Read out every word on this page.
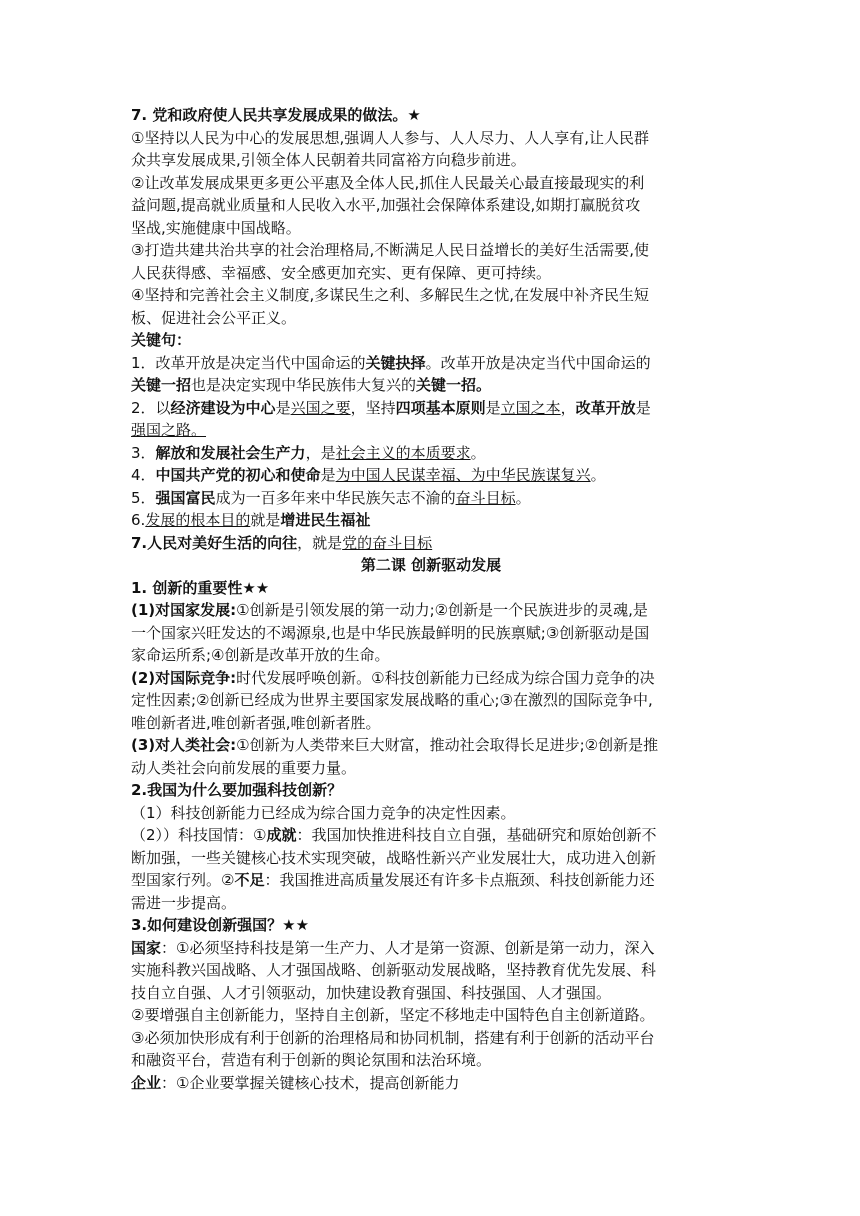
7. 党和政府使人民共享发展成果的做法。★
①坚持以人民为中心的发展思想,强调人人参与、人人尽力、人人享有,让人民群
众共享发展成果,引领全体人民朝着共同富裕方向稳步前进。
②让改革发展成果更多更公平惠及全体人民,抓住人民最关心最直接最现实的利
益问题,提高就业质量和人民收入水平,加强社会保障体系建设,如期打赢脱贫攻
坚战,实施健康中国战略。
③打造共建共治共享的社会治理格局,不断满足人民日益增长的美好生活需要,使
人民获得感、幸福感、安全感更加充实、更有保障、更可持续。
④坚持和完善社会主义制度,多谋民生之利、多解民生之忧,在发展中补齐民生短
板、促进社会公平正义。
关键句：
1．改革开放是决定当代中国命运的关键抉择。改革开放是决定当代中国命运的
关键一招也是决定实现中华民族伟大复兴的关键一招。
2．以经济建设为中心是兴国之要，坚持四项基本原则是立国之本，改革开放是
强国之路。
3．解放和发展社会生产力，是社会主义的本质要求。
4．中国共产党的初心和使命是为中国人民谋幸福、为中华民族谋复兴。
5．强国富民成为一百多年来中华民族矢志不渝的奋斗目标。
6.发展的根本目的就是增进民生福祉
7.人民对美好生活的向往，就是党的奋斗目标
第二课 创新驱动发展
1. 创新的重要性★★
(1)对国家发展:①创新是引领发展的第一动力;②创新是一个民族进步的灵魂,是
一个国家兴旺发达的不竭源泉,也是中华民族最鲜明的民族禀赋;③创新驱动是国
家命运所系;④创新是改革开放的生命。
(2)对国际竞争:时代发展呼唤创新。①科技创新能力已经成为综合国力竞争的决
定性因素;②创新已经成为世界主要国家发展战略的重心;③在激烈的国际竞争中,
唯创新者进,唯创新者强,唯创新者胜。
(3)对人类社会:①创新为人类带来巨大财富，推动社会取得长足进步;②创新是推
动人类社会向前发展的重要力量。
2.我国为什么要加强科技创新？
（1）科技创新能力已经成为综合国力竞争的决定性因素。
（2））科技国情：①成就：我国加快推进科技自立自强，基础研究和原始创新不
断加强，一些关键核心技术实现突破，战略性新兴产业发展壮大，成功进入创新
型国家行列。②不足：我国推进高质量发展还有许多卡点瓶颈、科技创新能力还
需进一步提高。
3.如何建设创新强国？★★
国家：①必须坚持科技是第一生产力、人才是第一资源、创新是第一动力，深入
实施科教兴国战略、人才强国战略、创新驱动发展战略，坚持教育优先发展、科
技自立自强、人才引领驱动，加快建设教育强国、科技强国、人才强国。
②要增强自主创新能力，坚持自主创新，坚定不移地走中国特色自主创新道路。
③必须加快形成有利于创新的治理格局和协同机制，搭建有利于创新的活动平台
和融资平台，营造有利于创新的舆论氛围和法治环境。
企业：①企业要掌握关键核心技术，提高创新能力
